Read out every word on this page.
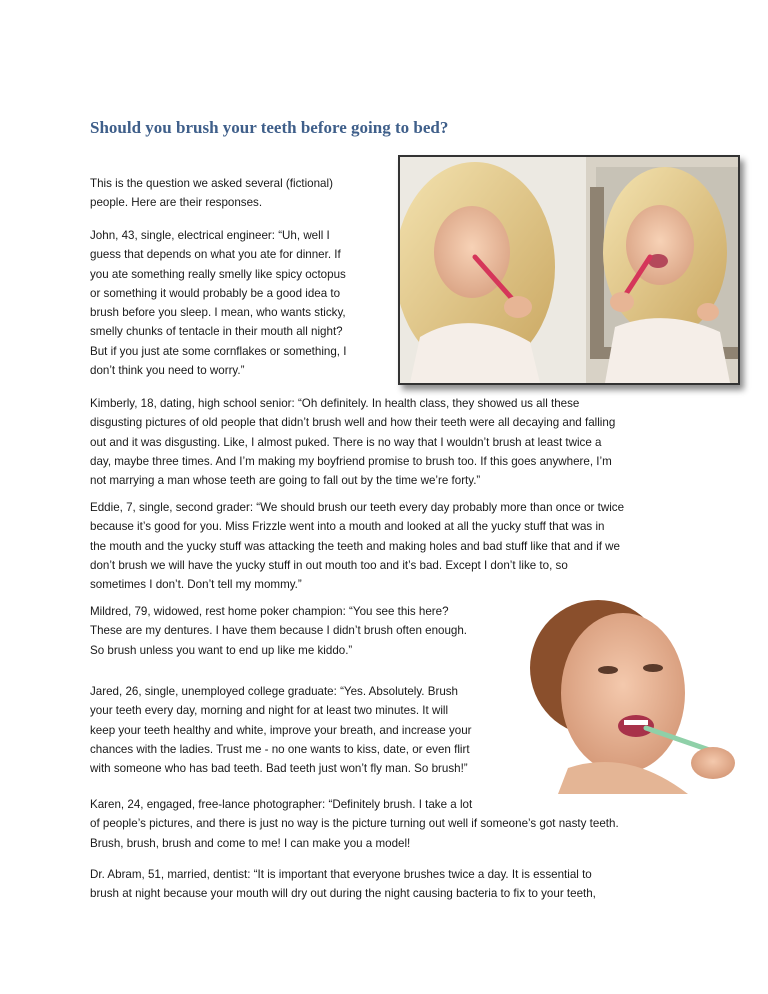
Should you brush your teeth before going to bed?
This is the question we asked several (fictional)
people. Here are their responses.
John, 43, single, electrical engineer: “Uh, well I
guess that depends on what you ate for dinner. If
you ate something really smelly like spicy octopus
or something it would probably be a good idea to
brush before you sleep. I mean, who wants sticky,
smelly chunks of tentacle in their mouth all night?
But if you just ate some cornflakes or something, I
don’t think you need to worry.”
Kimberly, 18, dating, high school senior: “Oh definitely. In health class, they showed us all these
disgusting pictures of old people that didn’t brush well and how their teeth were all decaying and falling
out and it was disgusting. Like, I almost puked. There is no way that I wouldn’t brush at least twice a
day, maybe three times. And I’m making my boyfriend promise to brush too. If this goes anywhere, I’m
not marrying a man whose teeth are going to fall out by the time we’re forty.”
Eddie, 7, single, second grader: “We should brush our teeth every day probably more than once or twice
because it’s good for you. Miss Frizzle went into a mouth and looked at all the yucky stuff that was in
the mouth and the yucky stuff was attacking the teeth and making holes and bad stuff like that and if we
don’t brush we will have the yucky stuff in out mouth too and it’s bad. Except I don’t like to, so
sometimes I don’t. Don’t tell my mommy.”
Mildred, 79, widowed, rest home poker champion: “You see this here?
These are my dentures. I have them because I didn’t brush often enough.
So brush unless you want to end up like me kiddo.”
Jared, 26, single, unemployed college graduate: “Yes. Absolutely. Brush
your teeth every day, morning and night for at least two minutes. It will
keep your teeth healthy and white, improve your breath, and increase your
chances with the ladies. Trust me - no one wants to kiss, date, or even flirt
with someone who has bad teeth. Bad teeth just won’t fly man. So brush!”
Karen, 24, engaged, free-lance photographer: “Definitely brush. I take a lot
of people’s pictures, and there is just no way is the picture turning out well if someone’s got nasty teeth.
Brush, brush, brush and come to me! I can make you a model!
Dr. Abram, 51, married, dentist: “It is important that everyone brushes twice a day. It is essential to
brush at night because your mouth will dry out during the night causing bacteria to fix to your teeth,
